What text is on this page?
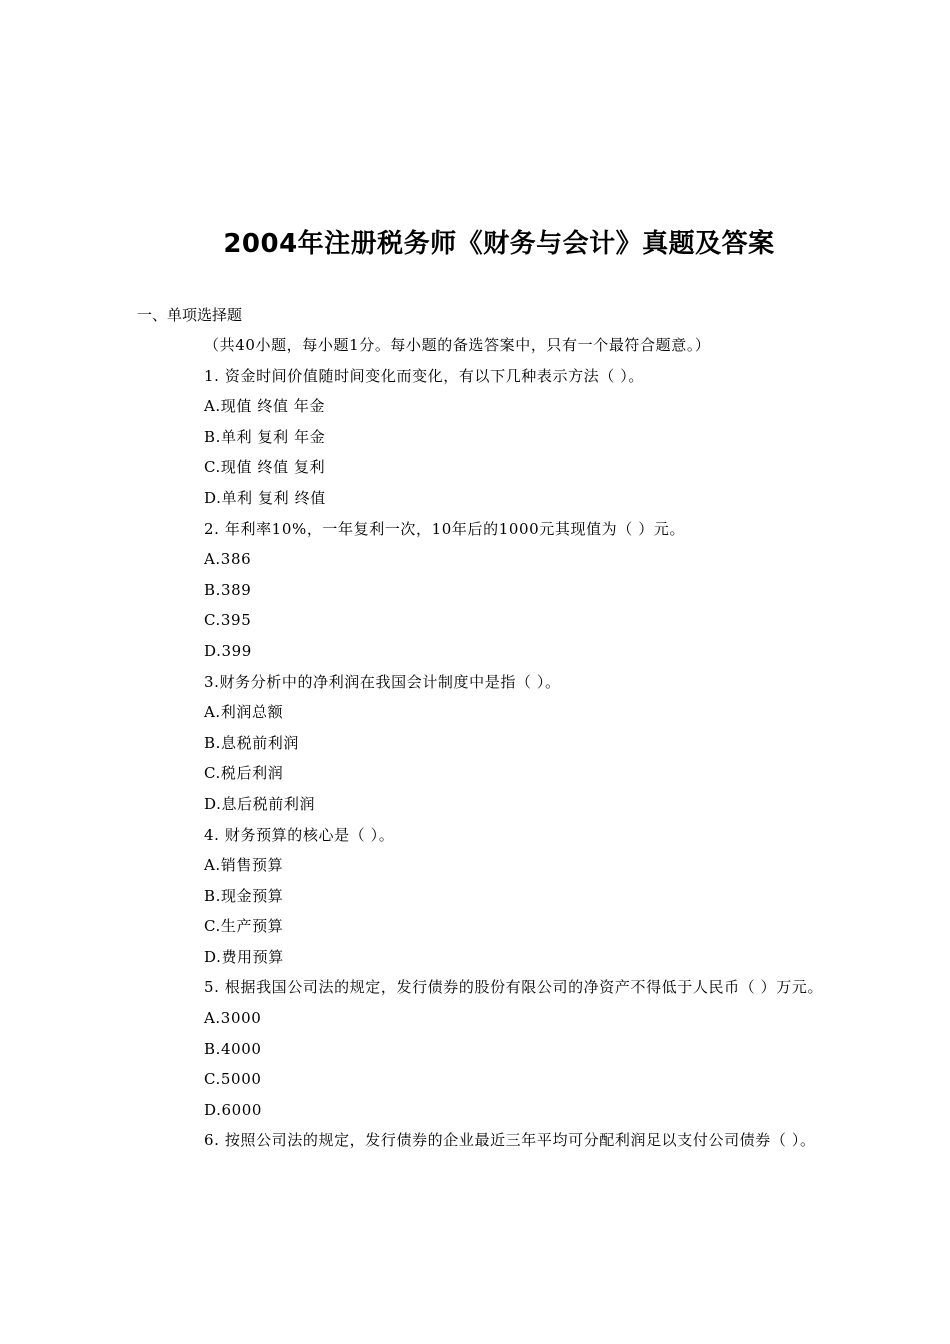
2004年注册税务师《财务与会计》真题及答案
一、单项选择题
（共40小题，每小题1分。每小题的备选答案中，只有一个最符合题意。）
1. 资金时间价值随时间变化而变化，有以下几种表示方法（ ）。
A.现值 终值 年金
B.单利 复利 年金
C.现值 终值 复利
D.单利 复利 终值
2. 年利率10%，一年复利一次，10年后的1000元其现值为（ ）元。
A.386
B.389
C.395
D.399
3.财务分析中的净利润在我国会计制度中是指（ ）。
A.利润总额
B.息税前利润
C.税后利润
D.息后税前利润
4. 财务预算的核心是（ ）。
A.销售预算
B.现金预算
C.生产预算
D.费用预算
5. 根据我国公司法的规定，发行债券的股份有限公司的净资产不得低于人民币（ ）万元。
A.3000
B.4000
C.5000
D.6000
6. 按照公司法的规定，发行债券的企业最近三年平均可分配利润足以支付公司债券（ ）。
